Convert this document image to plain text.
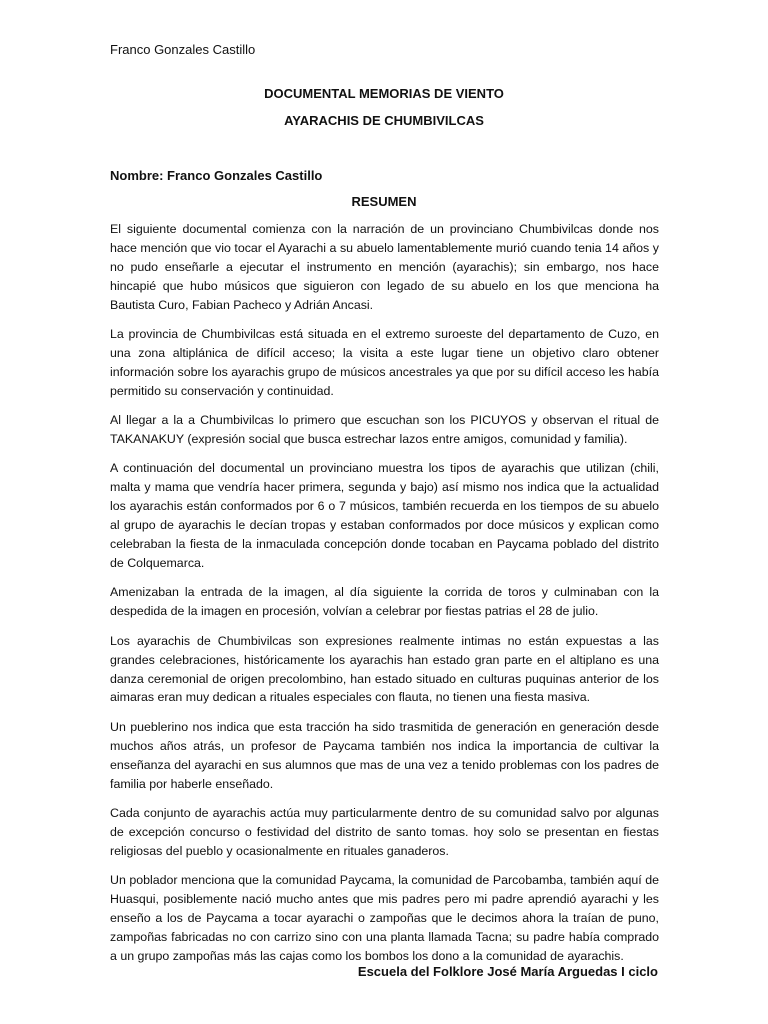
Franco Gonzales Castillo
DOCUMENTAL MEMORIAS DE VIENTO
AYARACHIS DE CHUMBIVILCAS
Nombre: Franco Gonzales Castillo
RESUMEN

El siguiente documental comienza con la narración de un provinciano Chumbivilcas donde nos hace mención que vio tocar el Ayarachi a su abuelo lamentablemente murió cuando tenia 14 años y no pudo enseñarle a ejecutar el instrumento en mención (ayarachis); sin embargo, nos hace hincapié que hubo músicos que siguieron con legado de su abuelo en los que menciona ha Bautista Curo, Fabian Pacheco y Adrián Ancasi.

La provincia de Chumbivilcas está situada en el extremo suroeste del departamento de Cuzo, en una zona altiplánica de difícil acceso; la visita a este lugar tiene un objetivo claro obtener información sobre los ayarachis grupo de músicos ancestrales ya que por su difícil acceso les había permitido su conservación y continuidad.

Al llegar a la a Chumbivilcas lo primero que escuchan son los PICUYOS y observan el ritual de TAKANAKUY (expresión social que busca estrechar lazos entre amigos, comunidad y familia).

A continuación del documental un provinciano muestra los tipos de ayarachis que utilizan (chili, malta y mama que vendría hacer primera, segunda y bajo) así mismo nos indica que la actualidad los ayarachis están conformados por 6 o 7 músicos, también recuerda en los tiempos de su abuelo al grupo de ayarachis le decían tropas y estaban conformados por doce músicos y explican como celebraban la fiesta de la inmaculada concepción donde tocaban en Paycama poblado del distrito de Colquemarca.

Amenizaban la entrada de la imagen, al día siguiente la corrida de toros y culminaban con la despedida de la imagen en procesión, volvían a celebrar por fiestas patrias el 28 de julio.

Los ayarachis de Chumbivilcas son expresiones realmente intimas no están expuestas a las grandes celebraciones, históricamente los ayarachis han estado gran parte en el altiplano es una danza ceremonial de origen precolombino, han estado situado en culturas puquinas anterior de los aimaras eran muy dedican a rituales especiales con flauta, no tienen una fiesta masiva.

Un pueblerino nos indica que esta tracción ha sido trasmitida de generación en generación desde muchos años atrás, un profesor de Paycama también nos indica la importancia de cultivar la enseñanza del ayarachi en sus alumnos que mas de una vez a tenido problemas con los padres de familia por haberle enseñado.

Cada conjunto de ayarachis actúa muy particularmente dentro de su comunidad salvo por algunas de excepción concurso o festividad del distrito de santo tomas. hoy solo se presentan en fiestas religiosas del pueblo y ocasionalmente en rituales ganaderos.

Un poblador menciona que la comunidad Paycama, la comunidad de Parcobamba, también aquí de Huasqui, posiblemente nació mucho antes que mis padres pero mi padre aprendió ayarachi y les enseño a los de Paycama a tocar ayarachi o zampoñas que le decimos ahora la traían de puno, zampoñas fabricadas no con carrizo sino con una planta llamada Tacna; su padre había comprado a un grupo zampoñas más las cajas como los bombos los dono a la comunidad de ayarachis.

Escuela del Folklore José María Arguedas I ciclo
